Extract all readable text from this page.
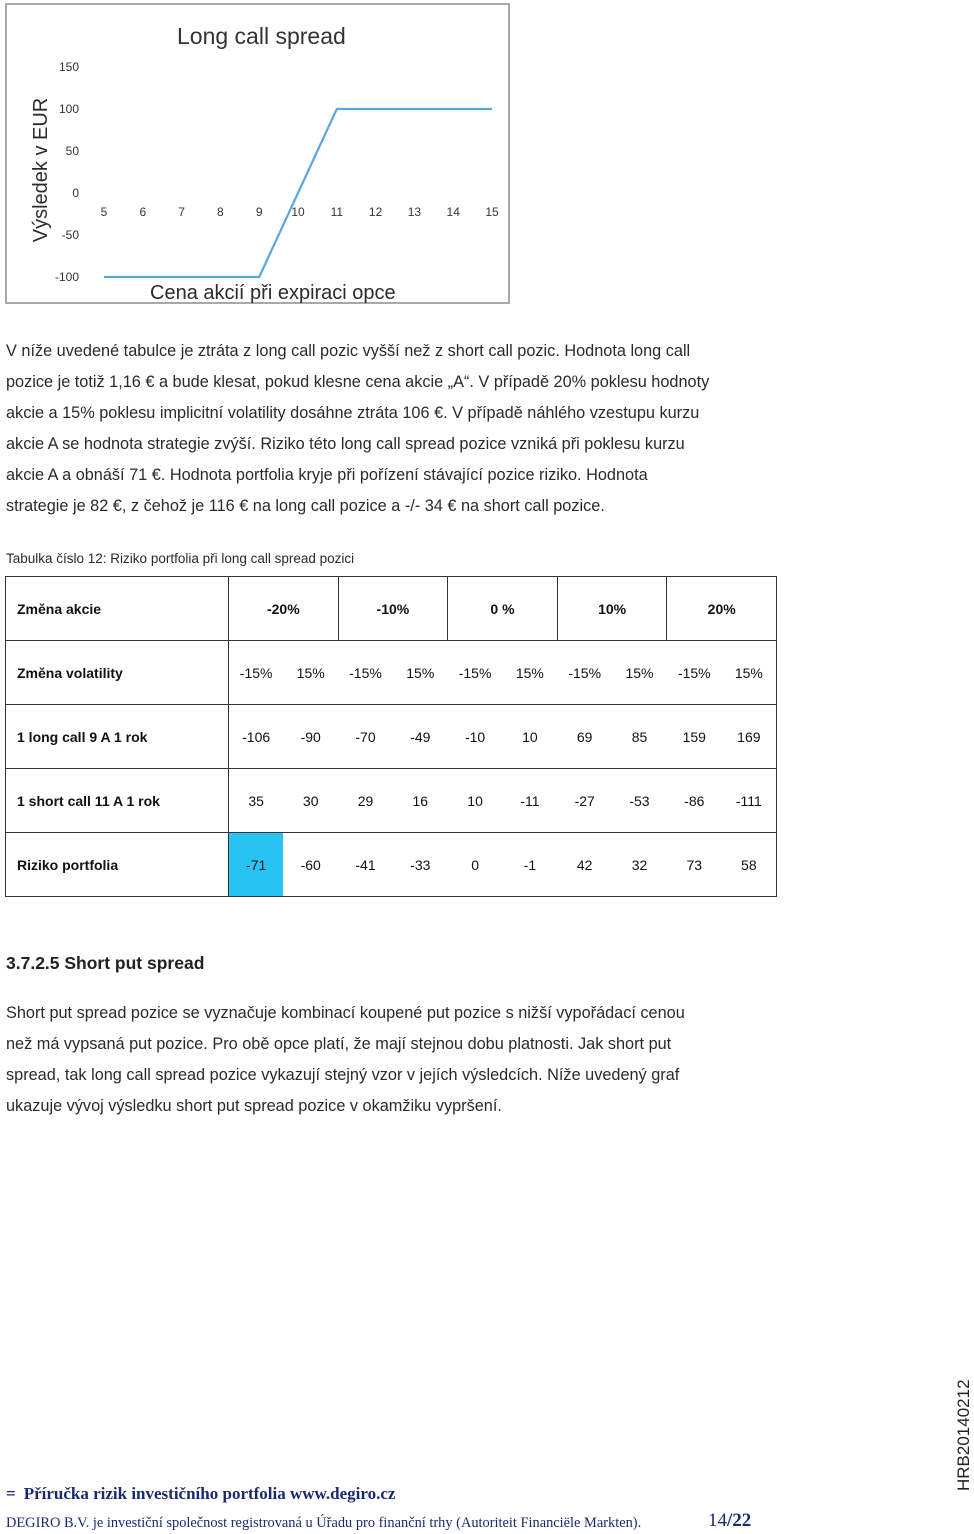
Long call spread
Výsledek v EUR
Cena akcií při expiraci opce
150
100
50
0
-50
-100
5	6	7	8	9 10 11 12 13 14 15
V níže uvedené tabulce je ztráta z long call pozic vyšší než z short call pozic. Hodnota long call
pozice je totiž 1,16 € a bude klesat, pokud klesne cena akcie „A“. V případě 20% poklesu hodnoty
akcie a 15% poklesu implicitní volatility dosáhne ztráta 106 €. V případě náhlého vzestupu kurzu
akcie A se hodnota strategie zvýší. Riziko této long call spread pozice vzniká při poklesu kurzu
akcie A a obnáší 71 €. Hodnota portfolia kryje při pořízení stávající pozice riziko. Hodnota
strategie je 82 €, z čehož je 116 € na long call pozice a -/- 34 € na short call pozice.
Tabulka číslo 12: Riziko portfolia při long call spread pozici
Změna akcie	-20%		-10%		0 %		10%		20%	
Změna volatility	-15%	15%	-15%	15%	-15%	15%	-15%	15%	-15%	15%
1 long call 9 A 1 rok	-106	-90	-70	-49	-10	10	69	85	159	169
1 short call 11 A 1 rok	35	30	29	16	10	-11	-27	-53	-86	-111
Riziko portfolia	-71	-60	-41	-33	0	-1	42	32	73	58
3.7.2.5 Short put spread
Short put spread pozice se vyznačuje kombinací koupené put pozice s nižší vypořádací cenou
než má vypsaná put pozice. Pro obě opce platí, že mají stejnou dobu platnosti. Jak short put
spread, tak long call spread pozice vykazují stejný vzor v jejích výsledcích. Níže uvedený graf
ukazuje vývoj výsledku short put spread pozice v okamžiku vypršení.
HRB20140212
= Příručka rizik investičního portfolia www.degiro.cz
DEGIRO B.V. je investiční společnost registrovaná u Úřadu pro finanční trhy (Autoriteit Financiële Markten).	14/22
